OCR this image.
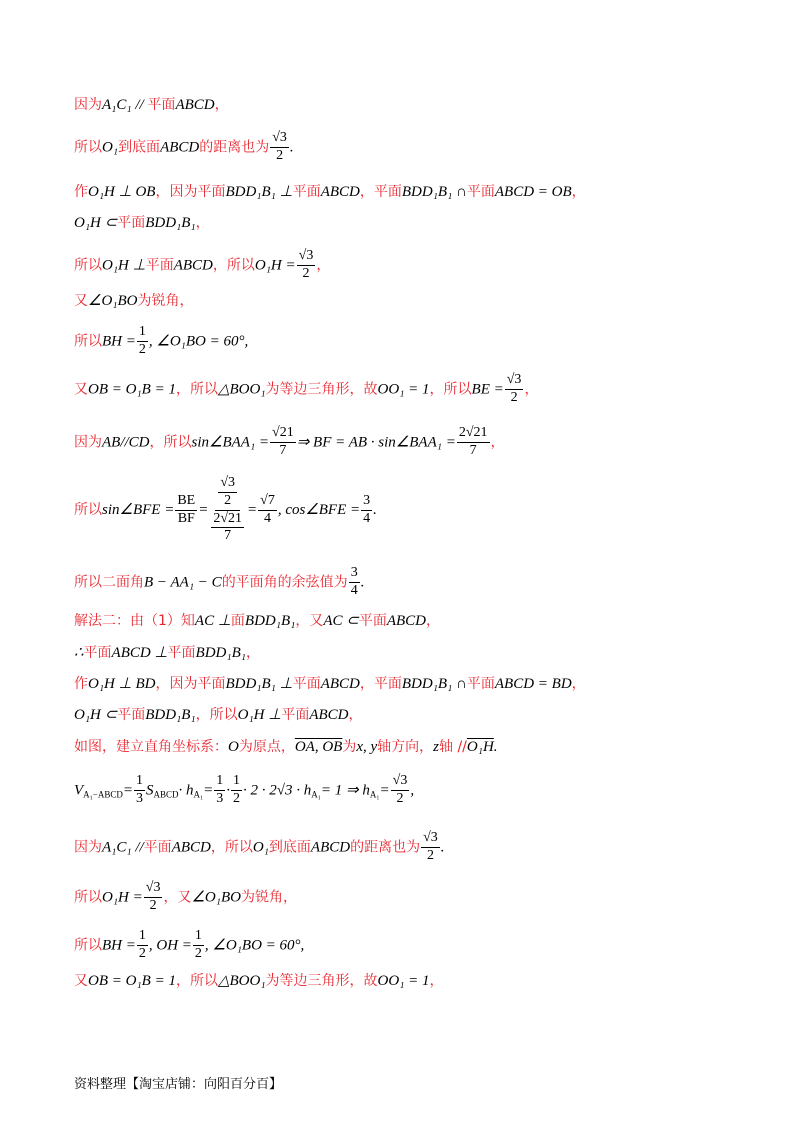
因为A₁C₁ // 平面ABCD，
所以O₁到底面ABCD的距离也为 $\frac{√3}{2}$ .
作O₁H ⊥ OB，因为平面BDD₁B₁ ⊥平面ABCD，平面BDD₁B₁ ∩平面ABCD = OB，
O₁H ⊂平面BDD₁B₁，
所以O₁H ⊥平面ABCD，所以$O_1H = \frac{√3}{2}$ ，
又∠O₁BO为锐角，
所以BH = $\frac{1}{2}$ , ∠O₁BO = 60°,
又OB = O₁B = 1，所以△BOO₁为等边三角形，故OO₁ = 1，所以BE = $\frac{√3}{2}$ ，
因为AB//CD，所以sin∠BAA₁ = $\frac{√21}{7}$ ⇒ BF = AB · sin∠BAA₁ = $\frac{2√21}{7}$ ，
所以sin∠BFE = $\frac{BE}{BF} = \frac{\frac{√3}{2}}{\frac{2√21}{7}} = \frac{√7}{4}$ , cos∠BFE = $\frac{3}{4}$ .
所以二面角B − AA₁ − C的平面角的余弦值为 $\frac{3}{4}$ .
解法二：由（1）知AC ⊥面BDD₁B₁，又AC ⊂平面ABCD，
∴平面ABCD ⊥平面BDD₁B₁，
作O₁H ⊥ BD，因为平面BDD₁B₁ ⊥平面ABCD，平面BDD₁B₁ ∩平面ABCD = BD，
O₁H ⊂平面BDD₁B₁，所以O₁H ⊥平面ABCD，
如图，建立直角坐标系：O为原点，OA, OB为x, y轴方向，z轴 //O₁H.
$V_{A_1-ABCD}= \frac{1}{3} S_{ABCD}\cdot h_{A_1}= \frac{1}{3} \cdot \frac{1}{2} \cdot 2 \cdot 2√3 \cdot h_{A_1}= 1$ ⇒ $h_{A_1}= \frac{√3}{2}$ ,
因为A₁C₁ //平面ABCD，所以O₁到底面ABCD的距离也为 $\frac{√3}{2}$ .
所以$O_1H = \frac{√3}{2}$ ，又∠O₁BO为锐角，
所以BH = $\frac{1}{2}$ , OH = $\frac{1}{2}$ , ∠O₁BO = 60°,
又OB = O₁B = 1，所以△BOO₁为等边三角形，故OO₁ = 1，
资料整理【淘宝店铺：向阳百分百】
